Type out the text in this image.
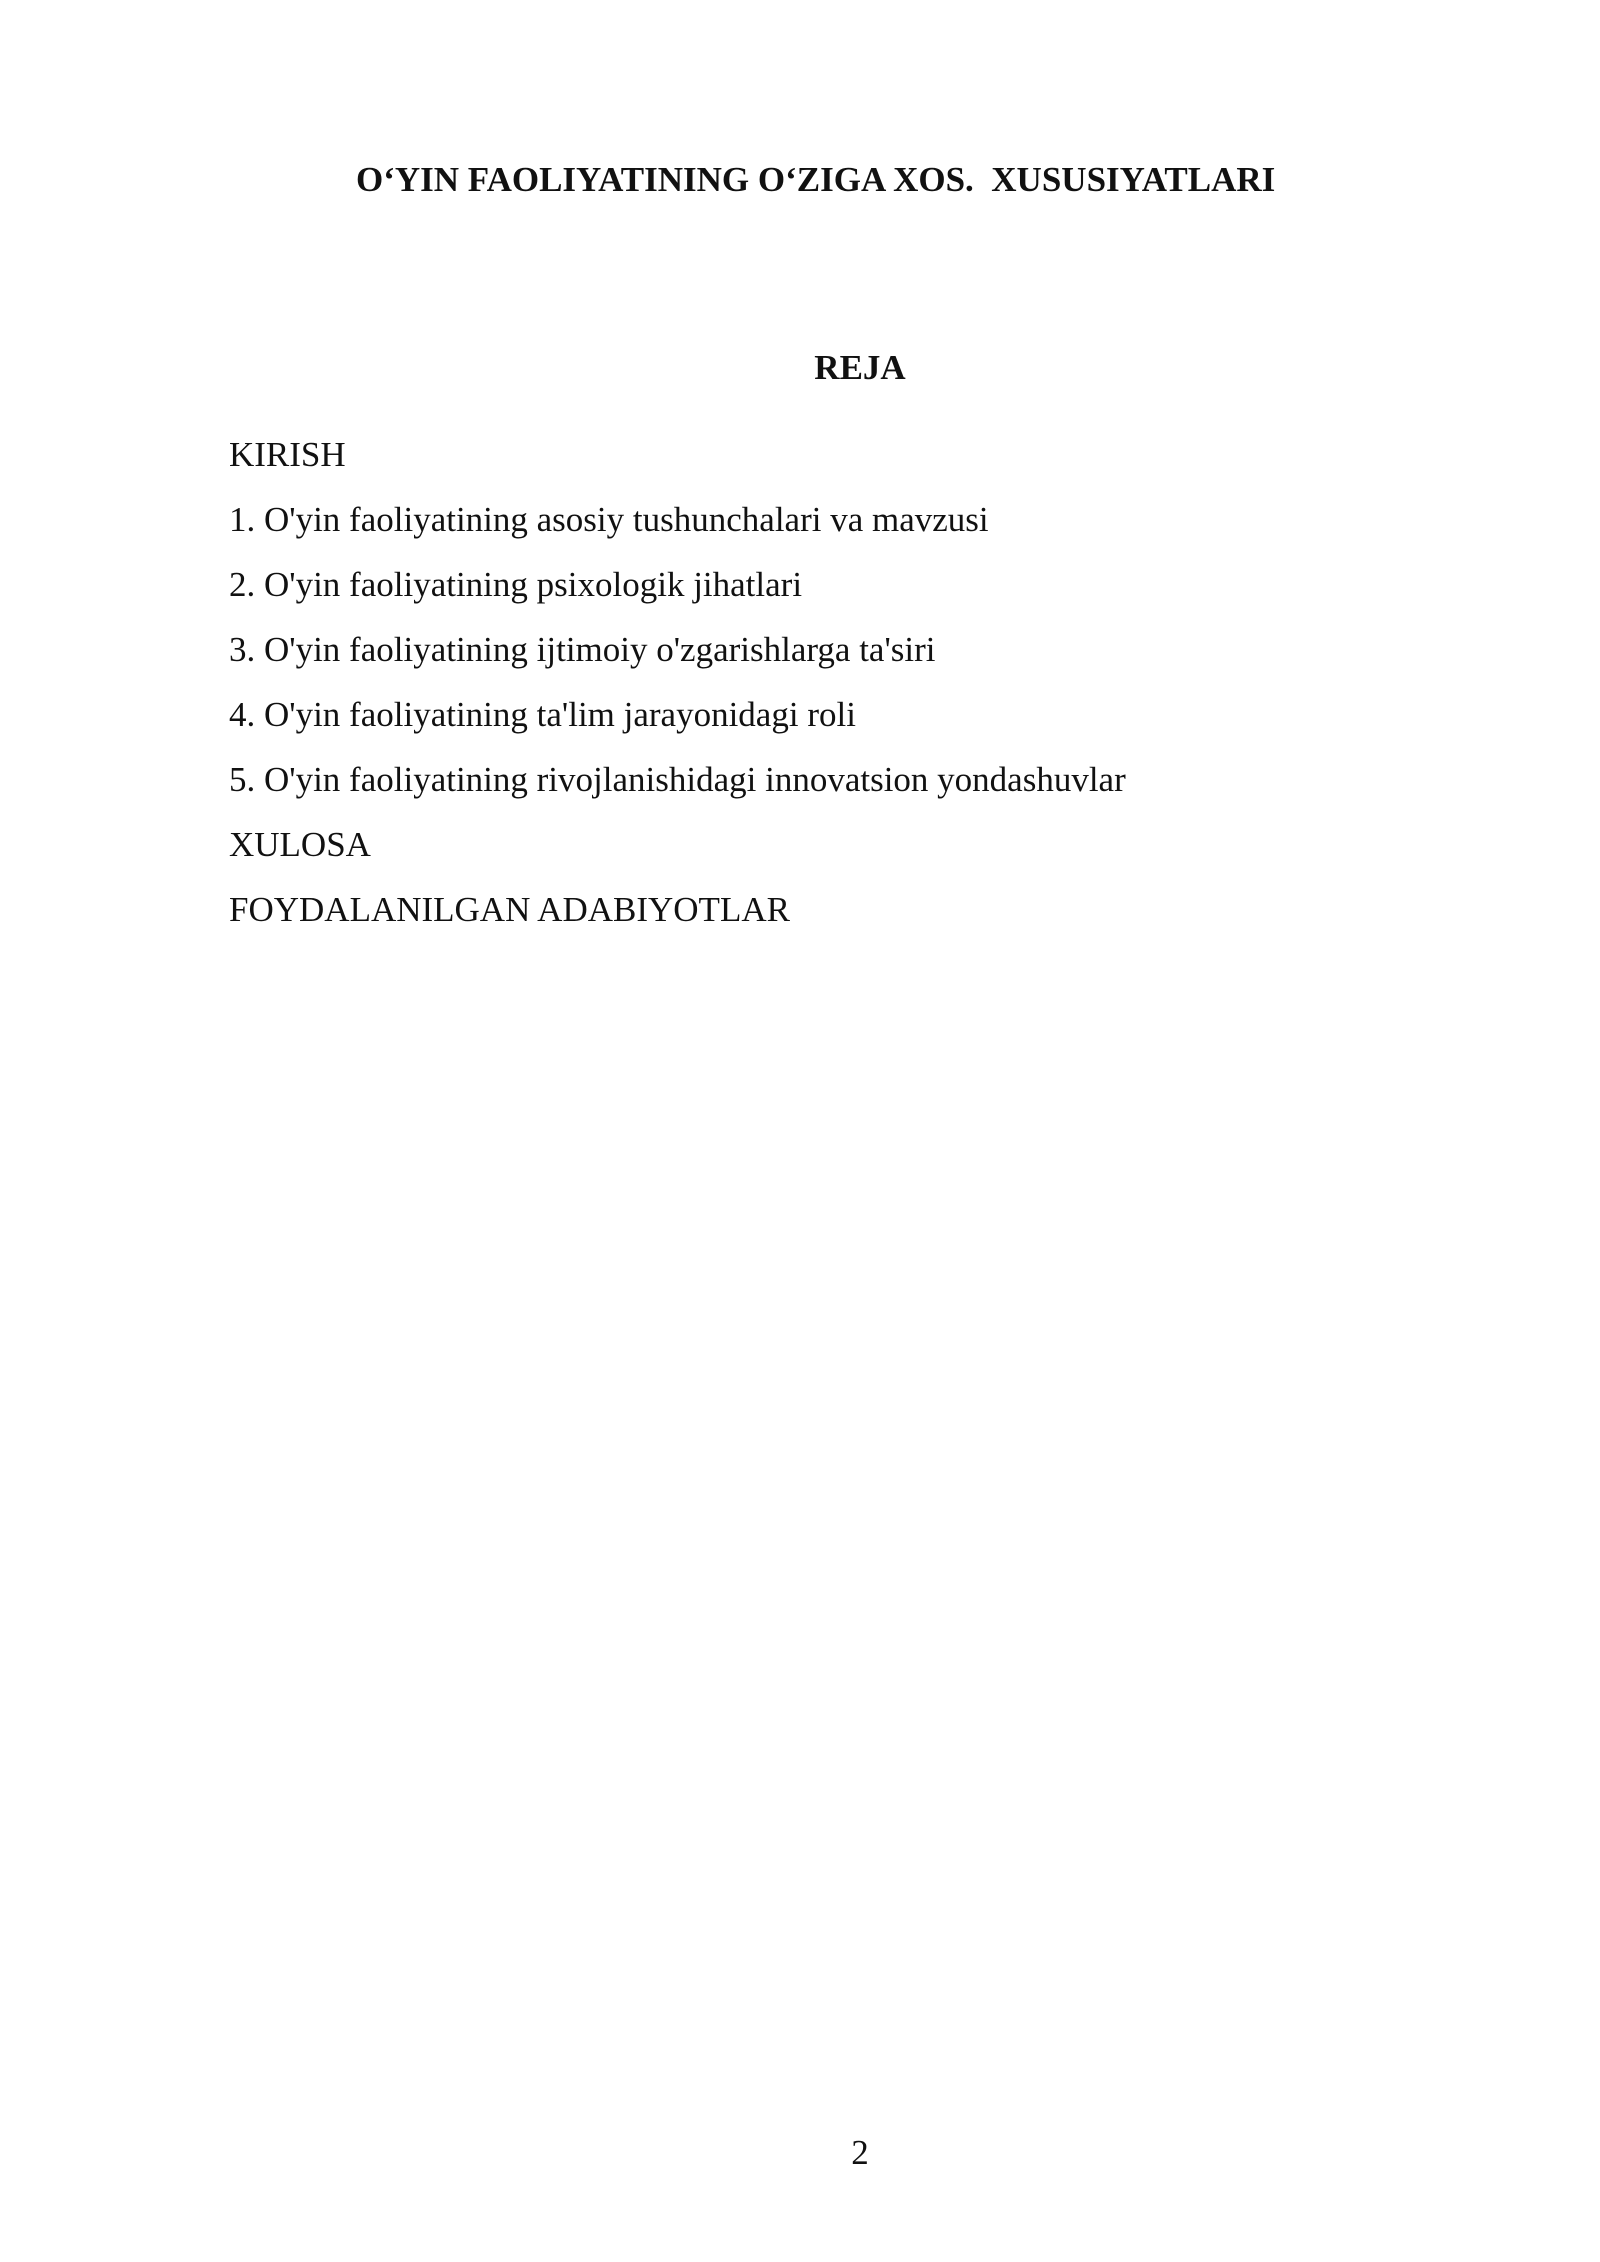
O‘YIN FAOLIYATINING O‘ZIGA XOS.  XUSUSIYATLARI
REJA
KIRISH
1. O'yin faoliyatining asosiy tushunchalari va mavzusi
2. O'yin faoliyatining psixologik jihatlari
3. O'yin faoliyatining ijtimoiy o'zgarishlarga ta'siri
4. O'yin faoliyatining ta'lim jarayonidagi roli
5. O'yin faoliyatining rivojlanishidagi innovatsion yondashuvlar
XULOSA
FOYDALANILGAN ADABIYOTLAR
2
